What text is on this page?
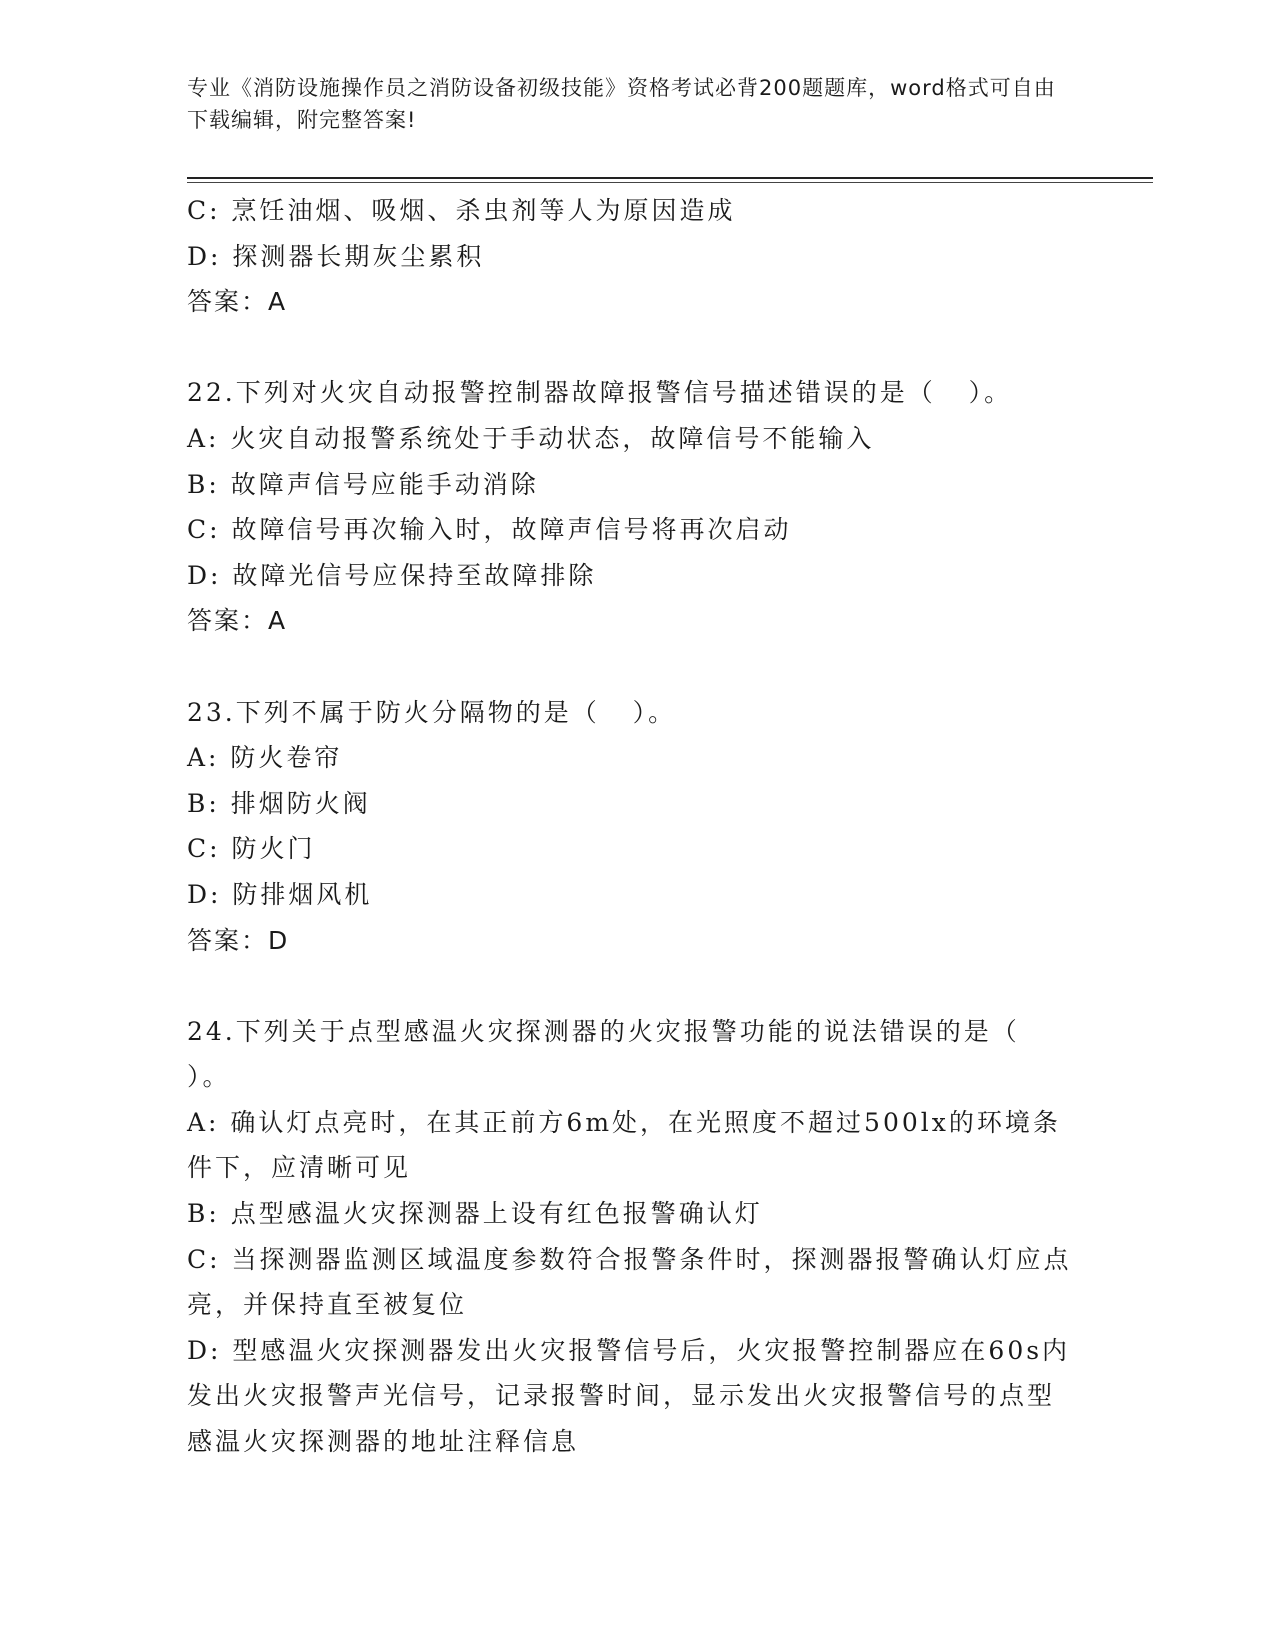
专业《消防设施操作员之消防设备初级技能》资格考试必背200题题库，word格式可自由下载编辑，附完整答案!

C: 烹饪油烟、吸烟、杀虫剂等人为原因造成

D: 探测器长期灰尘累积

答案：A

22.下列对火灾自动报警控制器故障报警信号描述错误的是（   ）。

A: 火灾自动报警系统处于手动状态，故障信号不能输入

B: 故障声信号应能手动消除

C: 故障信号再次输入时，故障声信号将再次启动

D: 故障光信号应保持至故障排除

答案：A

23.下列不属于防火分隔物的是（   ）。

A: 防火卷帘

B: 排烟防火阀

C: 防火门

D: 防排烟风机

答案：D

24.下列关于点型感温火灾探测器的火灾报警功能的说法错误的是（   ）。

A: 确认灯点亮时，在其正前方6m处，在光照度不超过500lx的环境条件下，应清晰可见

B: 点型感温火灾探测器上设有红色报警确认灯

C: 当探测器监测区域温度参数符合报警条件时，探测器报警确认灯应点亮，并保持直至被复位

D: 型感温火灾探测器发出火灾报警信号后，火灾报警控制器应在60s内发出火灾报警声光信号，记录报警时间，显示发出火灾报警信号的点型感温火灾探测器的地址注释信息
